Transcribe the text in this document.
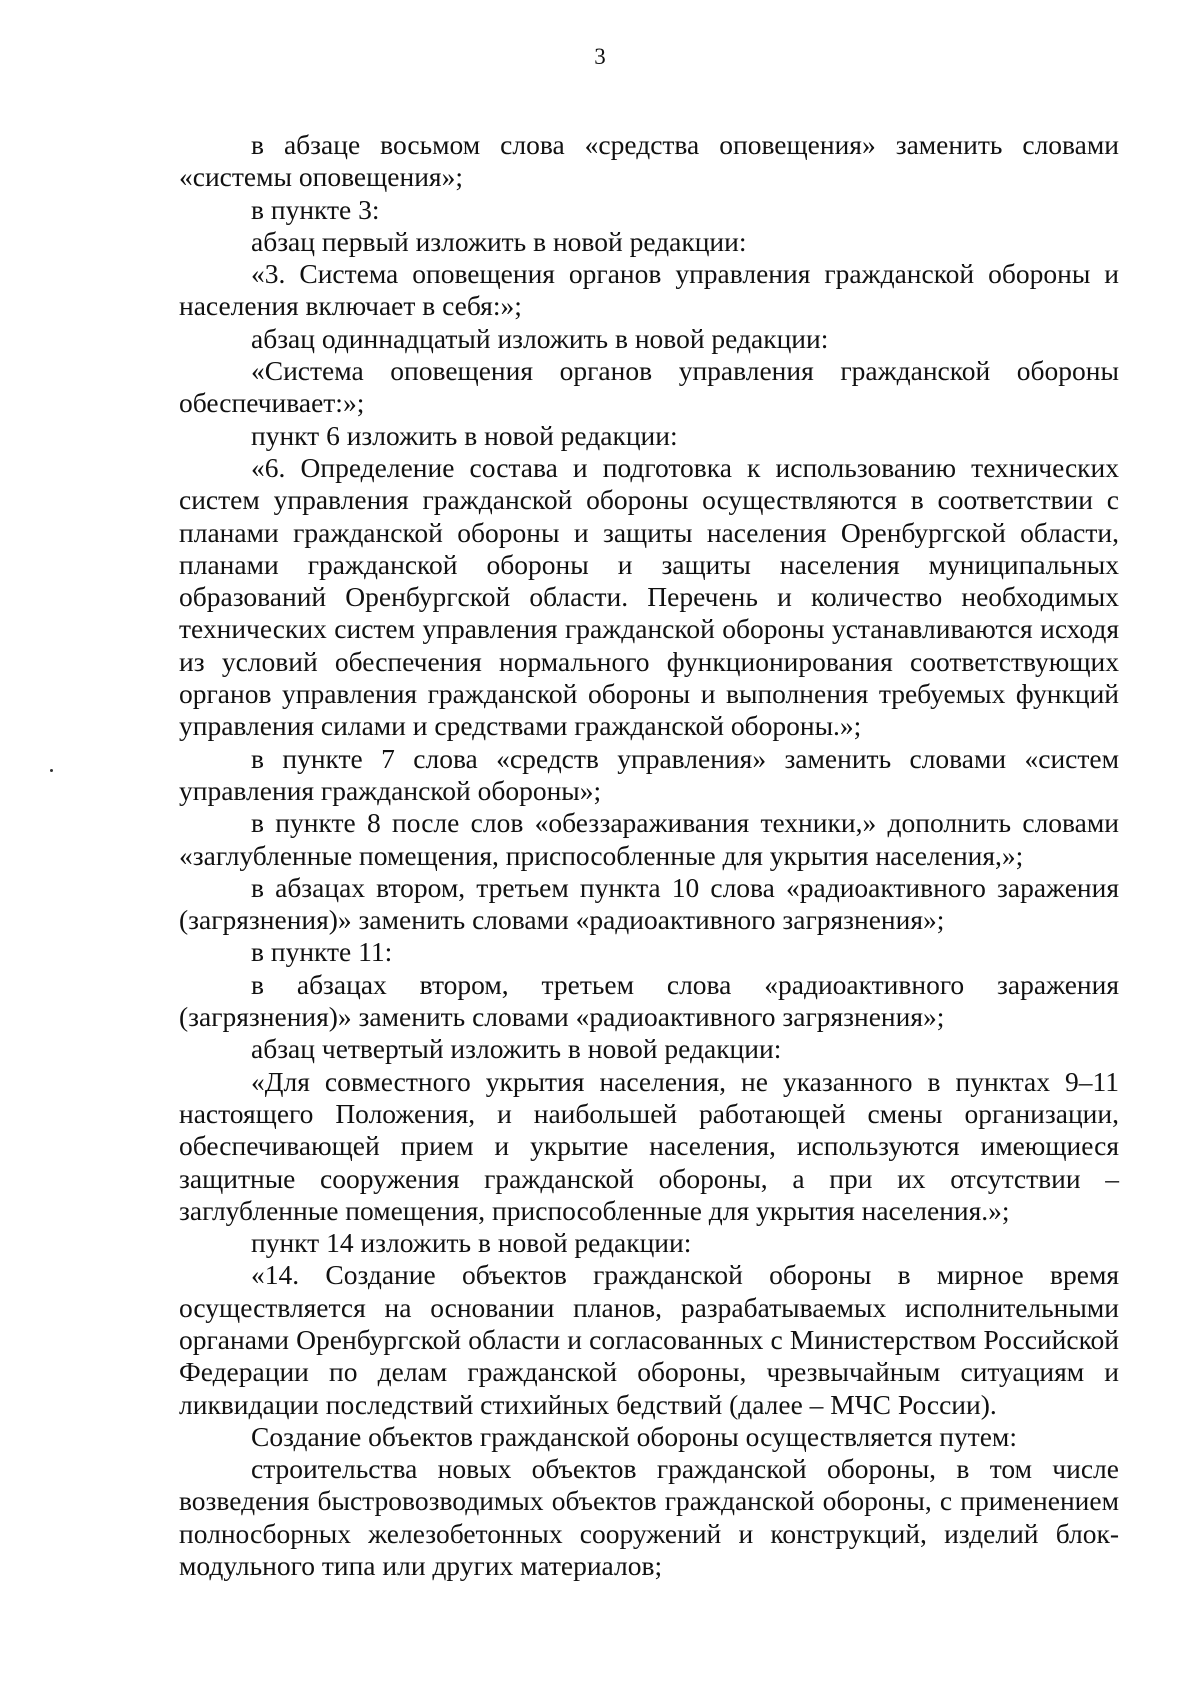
3

в абзаце восьмом слова «средства оповещения» заменить словами «системы оповещения»;

в пункте 3:

абзац первый изложить в новой редакции:

«3. Система оповещения органов управления гражданской обороны и населения включает в себя:»;

абзац одиннадцатый изложить в новой редакции:

«Система оповещения органов управления гражданской обороны обеспечивает:»;

пункт 6 изложить в новой редакции:

«6. Определение состава и подготовка к использованию технических систем управления гражданской обороны осуществляются в соответствии с планами гражданской обороны и защиты населения Оренбургской области, планами гражданской обороны и защиты населения муниципальных образований Оренбургской области. Перечень и количество необходимых технических систем управления гражданской обороны устанавливаются исходя из условий обеспечения нормального функционирования соответствующих органов управления гражданской обороны и выполнения требуемых функций управления силами и средствами гражданской обороны.»;

в пункте 7 слова «средств управления» заменить словами «систем управления гражданской обороны»;

в пункте 8 после слов «обеззараживания техники,» дополнить словами «заглубленные помещения, приспособленные для укрытия населения,»;

в абзацах втором, третьем пункта 10 слова «радиоактивного заражения (загрязнения)» заменить словами «радиоактивного загрязнения»;

в пункте 11:

в абзацах втором, третьем слова «радиоактивного заражения (загрязнения)» заменить словами «радиоактивного загрязнения»;

абзац четвертый изложить в новой редакции:

«Для совместного укрытия населения, не указанного в пунктах 9–11 настоящего Положения, и наибольшей работающей смены организации, обеспечивающей прием и укрытие населения, используются имеющиеся защитные сооружения гражданской обороны, а при их отсутствии – заглубленные помещения, приспособленные для укрытия населения.»;

пункт 14 изложить в новой редакции:

«14. Создание объектов гражданской обороны в мирное время осуществляется на основании планов, разрабатываемых исполнительными органами Оренбургской области и согласованных с Министерством Российской Федерации по делам гражданской обороны, чрезвычайным ситуациям и ликвидации последствий стихийных бедствий (далее – МЧС России).

Создание объектов гражданской обороны осуществляется путем:

строительства новых объектов гражданской обороны, в том числе возведения быстровозводимых объектов гражданской обороны, с применением полносборных железобетонных сооружений и конструкций, изделий блок-модульного типа или других материалов;
